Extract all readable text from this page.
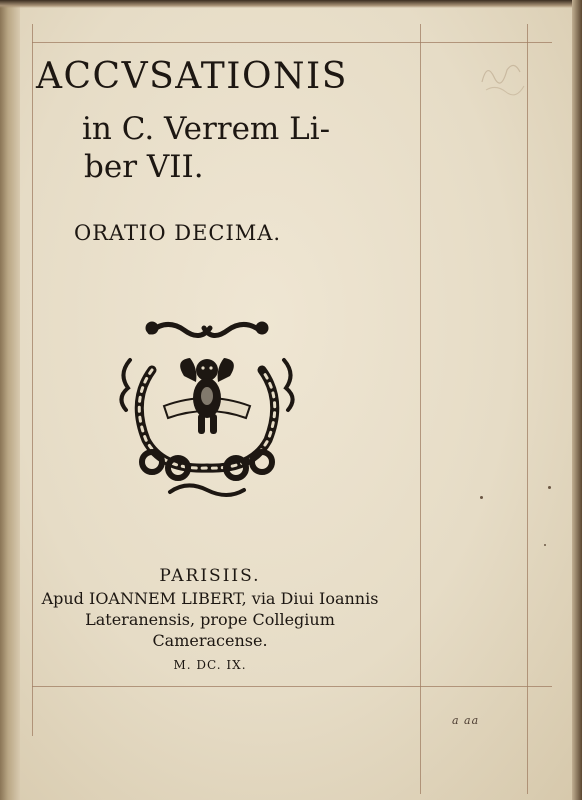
ACCVSATIONIS
in C. Verrem Li-
ber VII.
ORATIO DECIMA.
PARISIIS.
Apud IOANNEM LIBERT, via Diui Ioannis
Lateranensis, prope Collegium
Cameracense.
M. DC. IX.
a aa
